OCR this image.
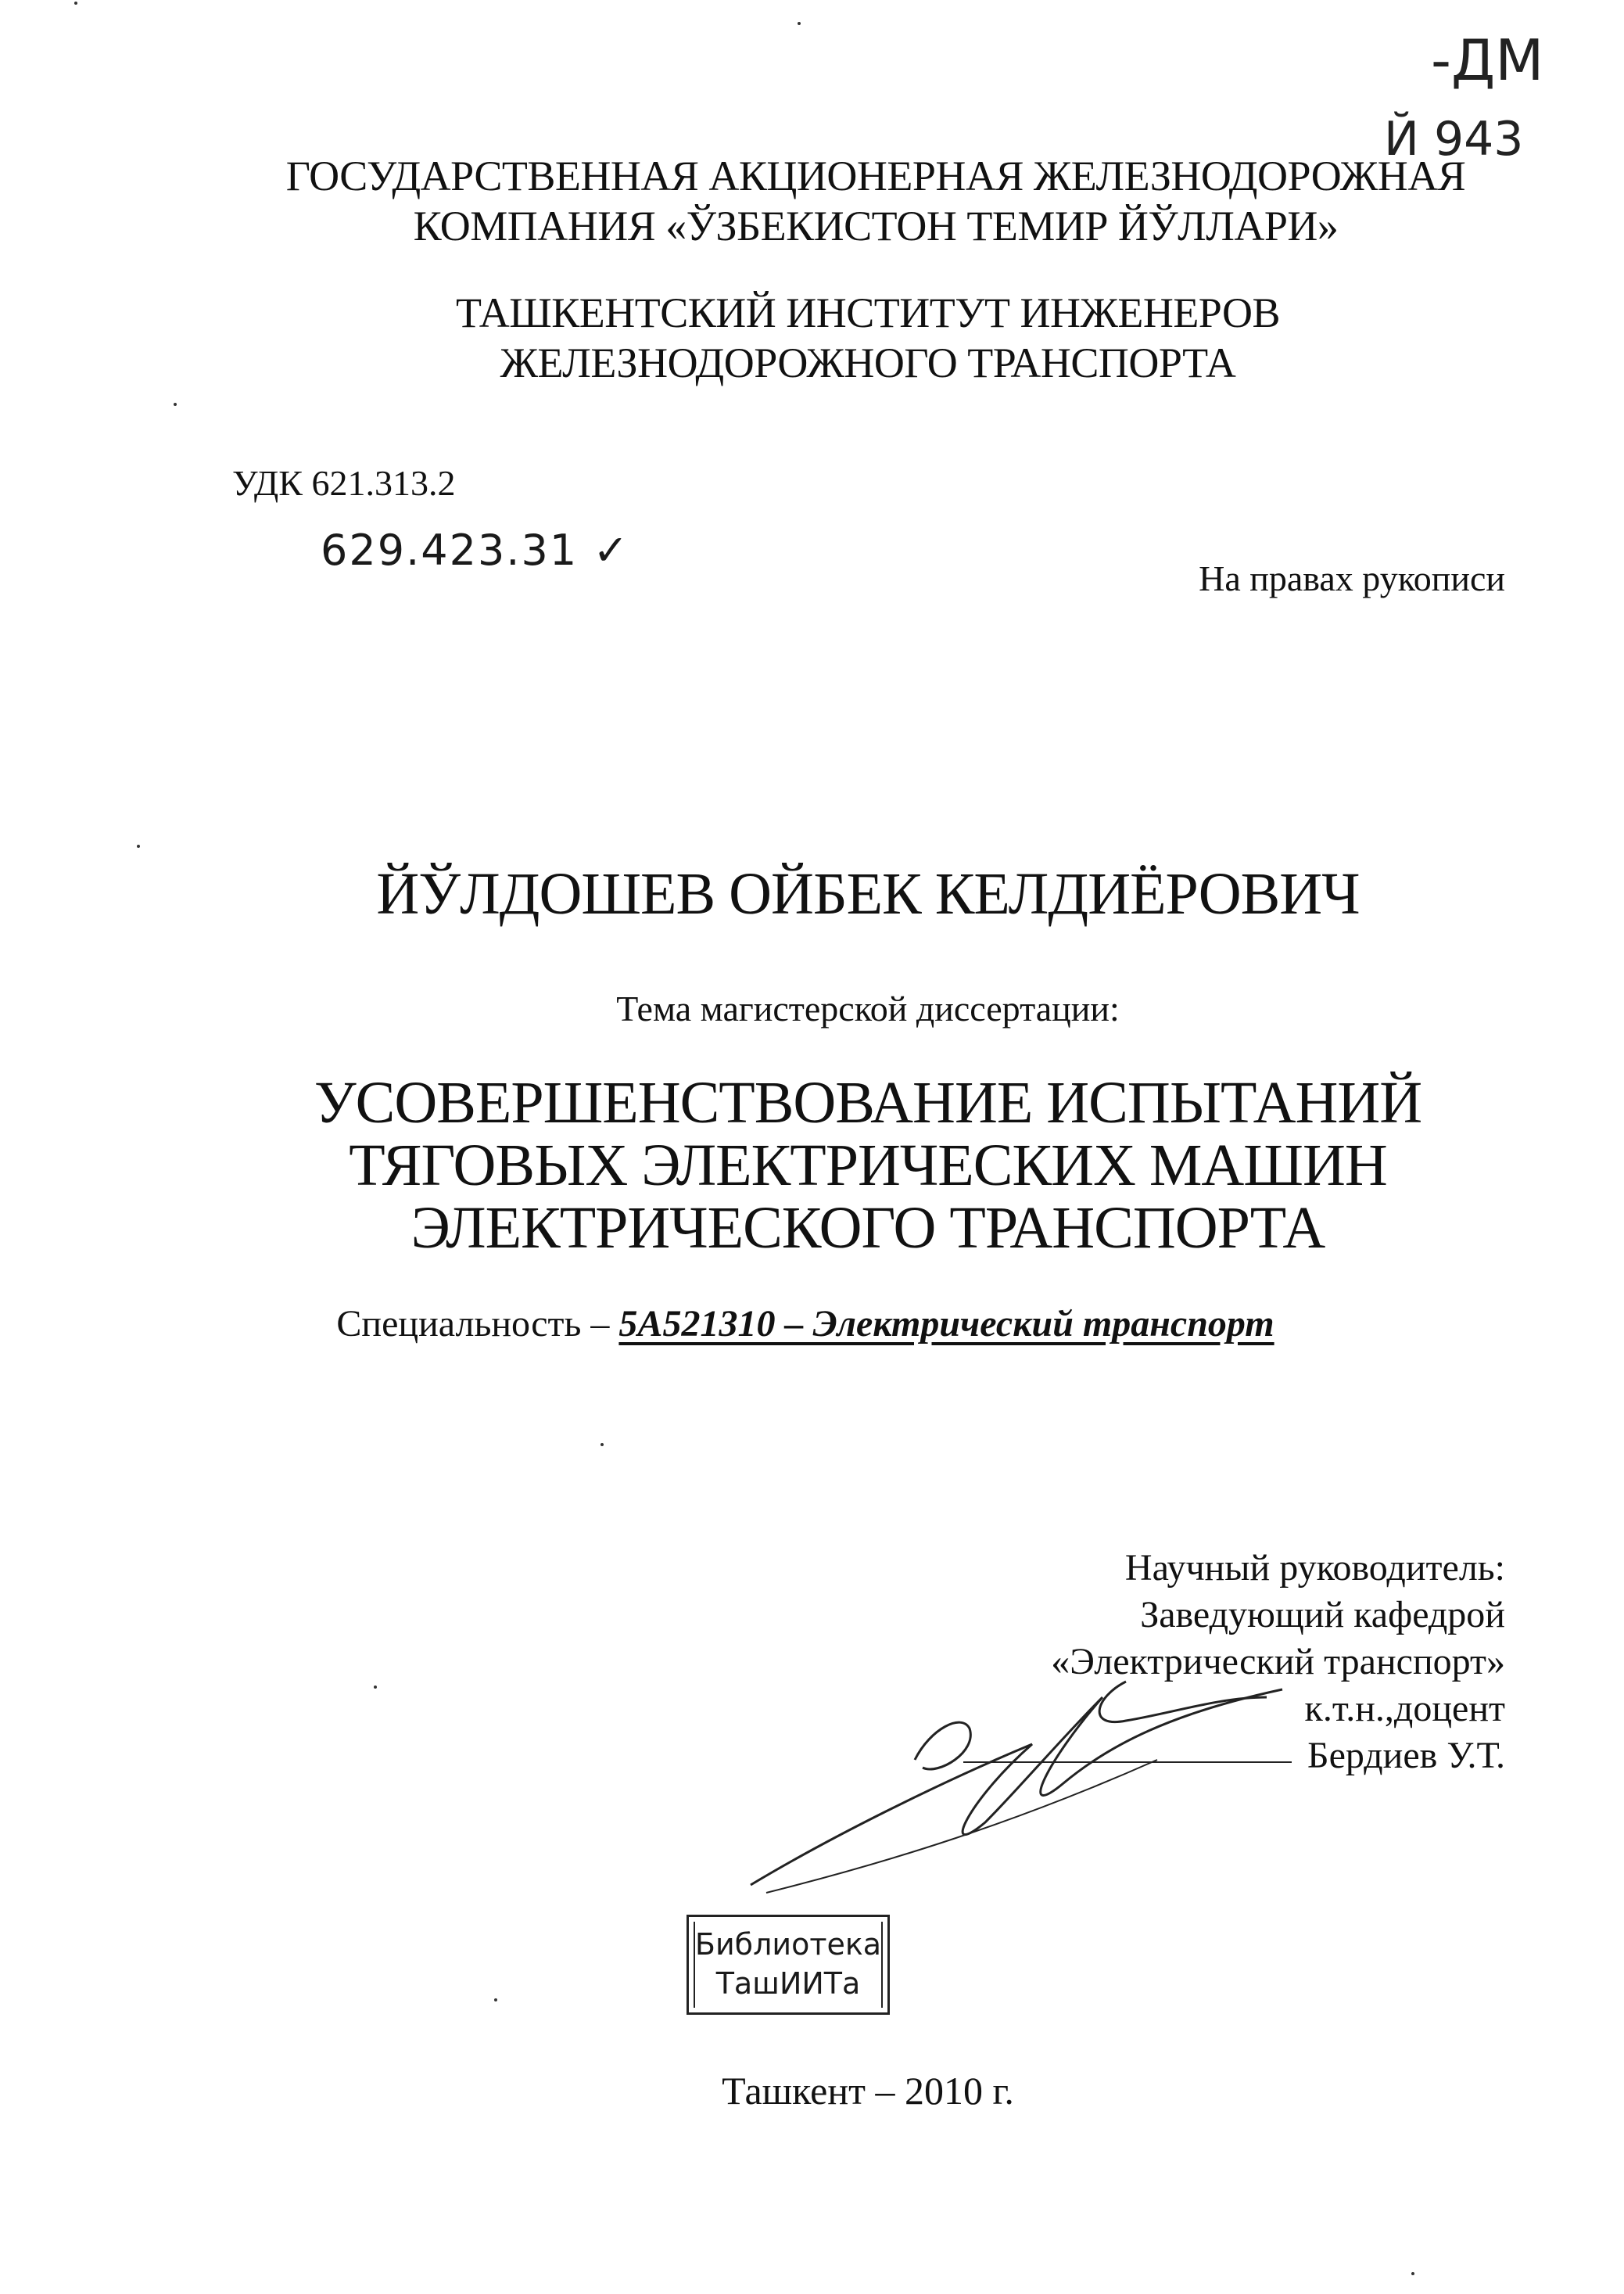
-ДМ
Й 943
ГОСУДАРСТВЕННАЯ АКЦИОНЕРНАЯ ЖЕЛЕЗНОДОРОЖНАЯ
КОМПАНИЯ «ЎЗБЕКИСТОН ТЕМИР ЙЎЛЛАРИ»
ТАШКЕНТСКИЙ ИНСТИТУТ ИНЖЕНЕРОВ
ЖЕЛЕЗНОДОРОЖНОГО ТРАНСПОРТА
УДК 621.313.2
629.423.31 ✓
На правах рукописи
ЙЎЛДОШЕВ ОЙБЕК КЕЛДИЁРОВИЧ
Тема магистерской диссертации:
УСОВЕРШЕНСТВОВАНИЕ ИСПЫТАНИЙ
ТЯГОВЫХ ЭЛЕКТРИЧЕСКИХ МАШИН
ЭЛЕКТРИЧЕСКОГО ТРАНСПОРТА
Специальность – 5А521310 – Электрический транспорт
Научный руководитель:
Заведующий кафедрой
«Электрический транспорт»
к.т.н.,доцент
Бердиев У.Т.
Библиотека
ТашИИТа
Ташкент – 2010 г.
